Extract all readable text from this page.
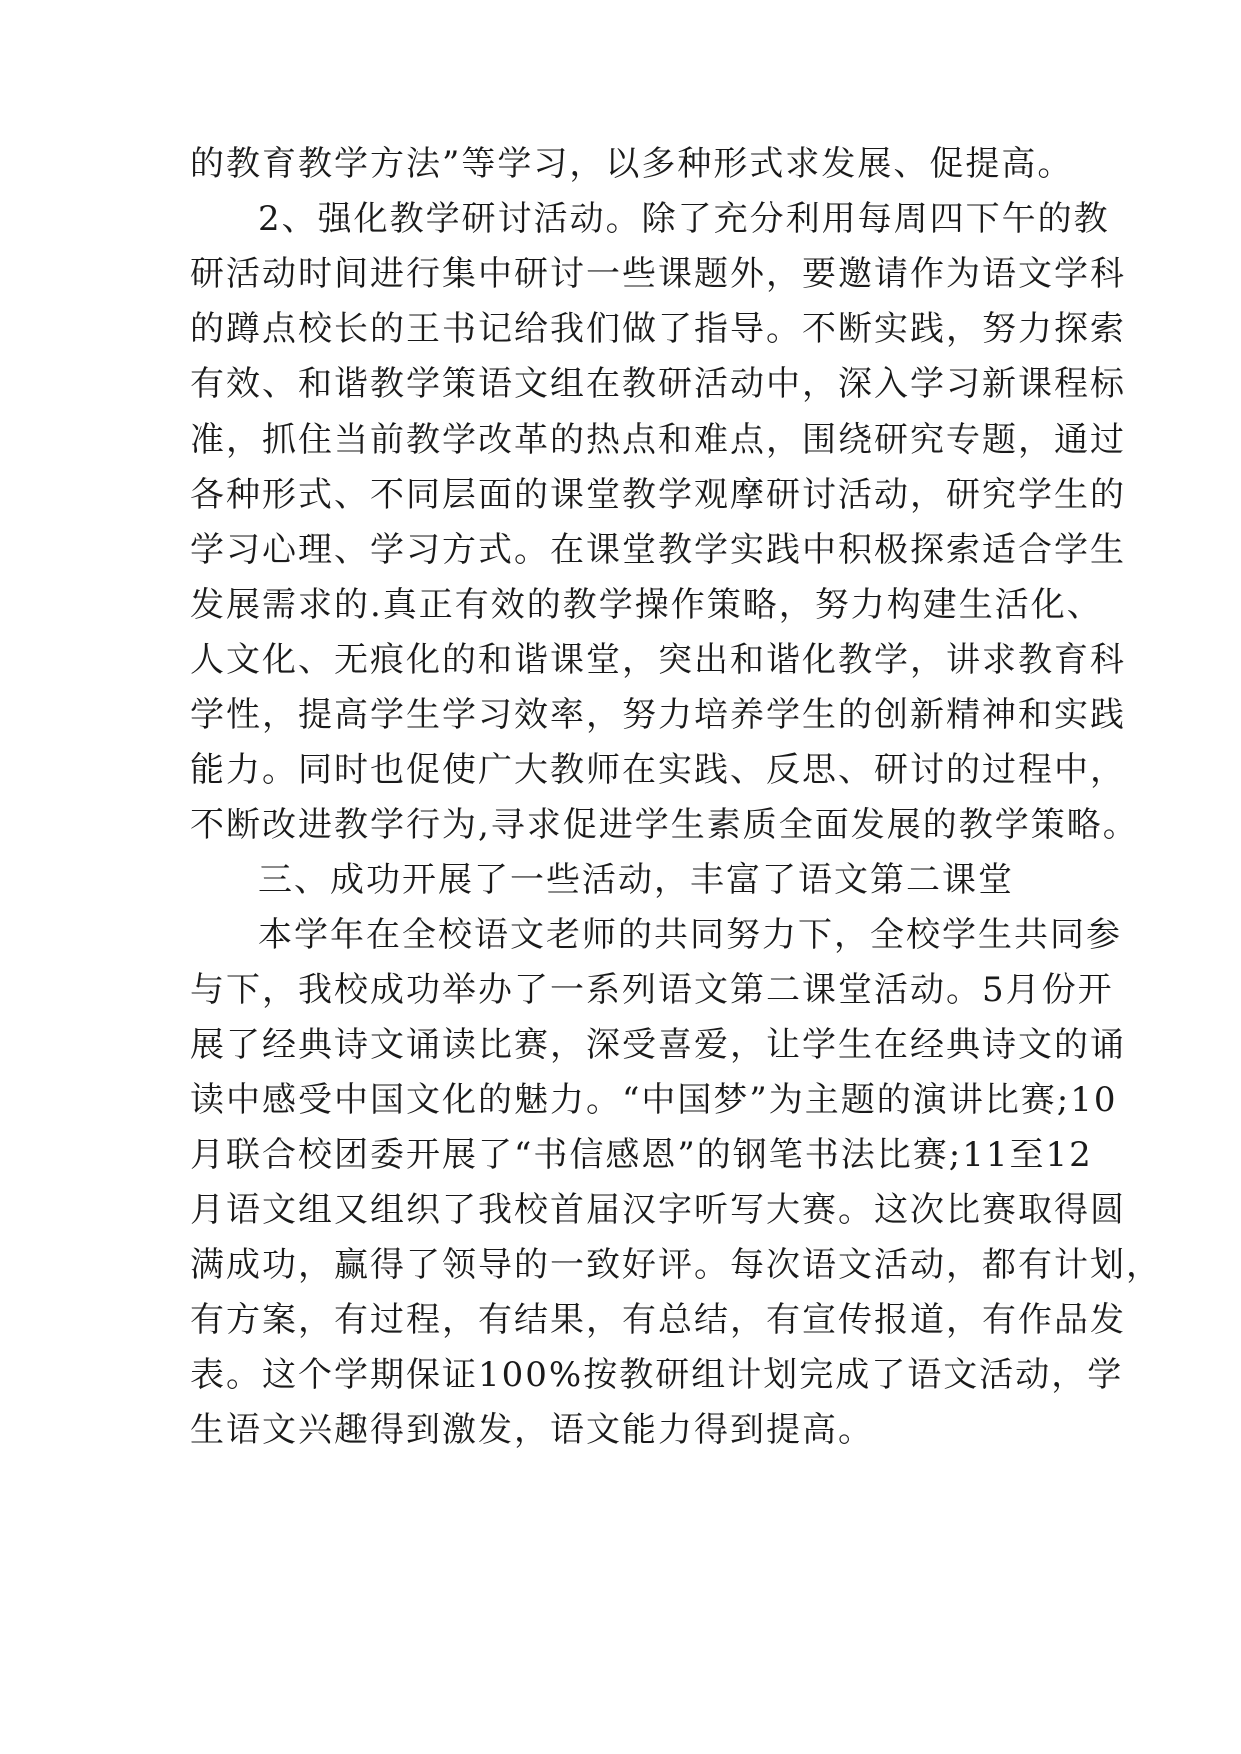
的教育教学方法”等学习，以多种形式求发展、促提高。
2、强化教学研讨活动。除了充分利用每周四下午的教
研活动时间进行集中研讨一些课题外，要邀请作为语文学科
的蹲点校长的王书记给我们做了指导。不断实践，努力探索
有效、和谐教学策语文组在教研活动中，深入学习新课程标
准，抓住当前教学改革的热点和难点，围绕研究专题，通过
各种形式、不同层面的课堂教学观摩研讨活动，研究学生的
学习心理、学习方式。在课堂教学实践中积极探索适合学生
发展需求的.真正有效的教学操作策略，努力构建生活化、
人文化、无痕化的和谐课堂，突出和谐化教学，讲求教育科
学性，提高学生学习效率，努力培养学生的创新精神和实践
能力。同时也促使广大教师在实践、反思、研讨的过程中，
不断改进教学行为,寻求促进学生素质全面发展的教学策略。
三、成功开展了一些活动，丰富了语文第二课堂
本学年在全校语文老师的共同努力下，全校学生共同参
与下，我校成功举办了一系列语文第二课堂活动。5月份开
展了经典诗文诵读比赛，深受喜爱，让学生在经典诗文的诵
读中感受中国文化的魅力。“中国梦”为主题的演讲比赛;10
月联合校团委开展了“书信感恩”的钢笔书法比赛;11至12
月语文组又组织了我校首届汉字听写大赛。这次比赛取得圆
满成功，赢得了领导的一致好评。每次语文活动，都有计划，
有方案，有过程，有结果，有总结，有宣传报道，有作品发
表。这个学期保证100%按教研组计划完成了语文活动，学
生语文兴趣得到激发，语文能力得到提高。
